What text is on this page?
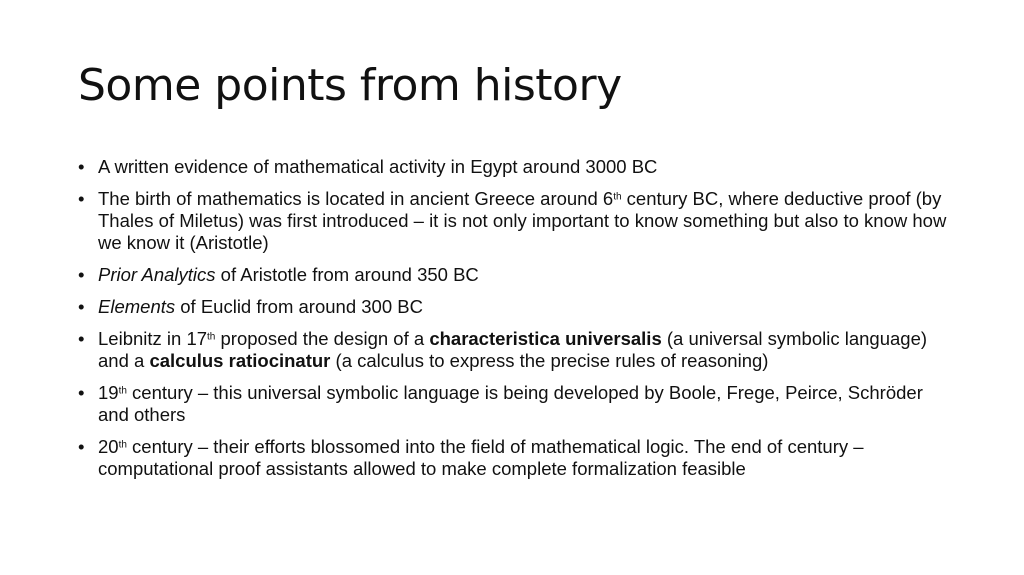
Some points from history
• A written evidence of mathematical activity in Egypt around 3000 BC
• The birth of mathematics is located in ancient Greece around 6th century BC, where deductive proof (by Thales of Miletus) was first introduced – it is not only important to know something but also to know how we know it (Aristotle)
• Prior Analytics of Aristotle from around 350 BC
• Elements of Euclid from around 300 BC
• Leibnitz in 17th proposed the design of a characteristica universalis (a universal symbolic language) and a calculus ratiocinatur (a calculus to express the precise rules of reasoning)
• 19th century – this universal symbolic language is being developed by Boole, Frege, Peirce, Schröder and others
• 20th century – their efforts blossomed into the field of mathematical logic. The end of century – computational proof assistants allowed to make complete formalization feasible
